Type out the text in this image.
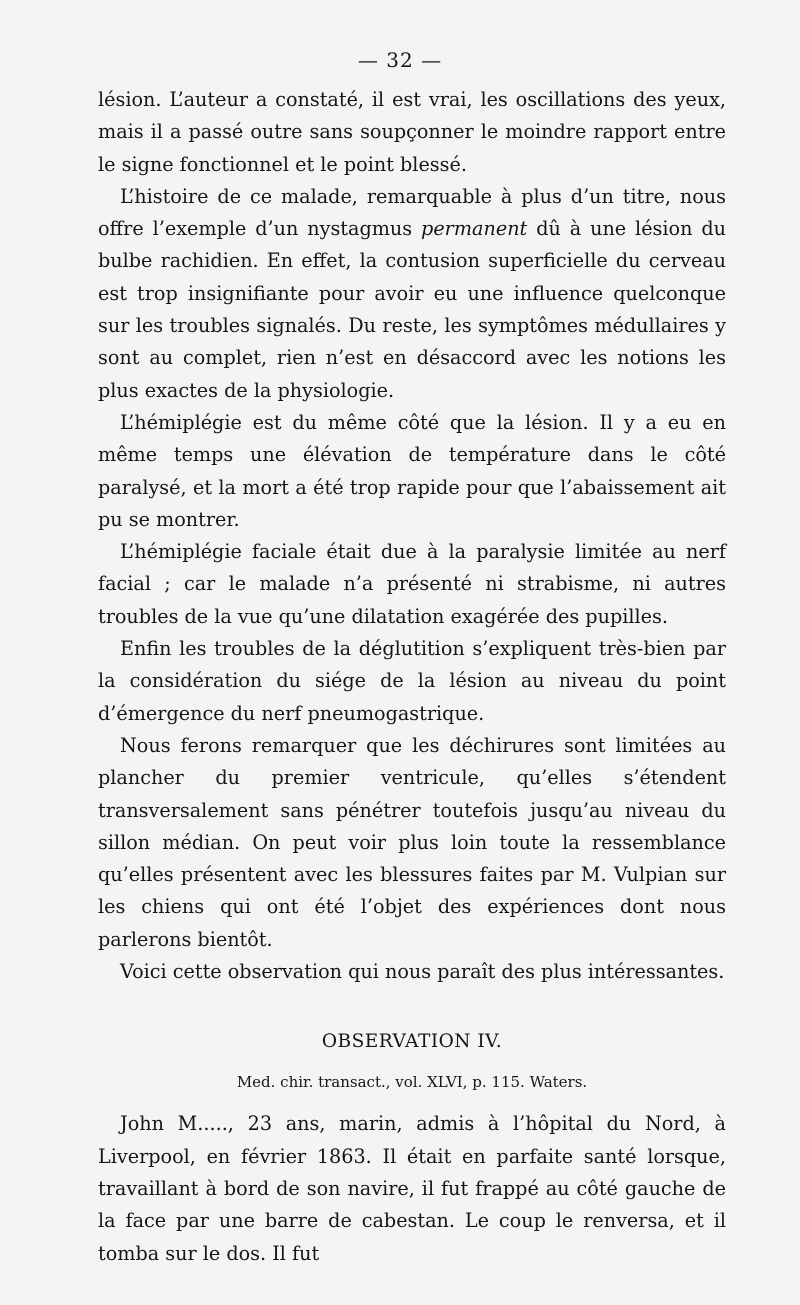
— 32 —

lésion. L’auteur a constaté, il est vrai, les oscillations des yeux, mais il a passé outre sans soupçonner le moindre rapport entre le signe fonctionnel et le point blessé.

L’histoire de ce malade, remarquable à plus d’un titre, nous offre l’exemple d’un nystagmus permanent dû à une lésion du bulbe rachidien. En effet, la contusion superficielle du cerveau est trop insignifiante pour avoir eu une influence quelconque sur les troubles signalés. Du reste, les symptômes médullaires y sont au complet, rien n’est en désaccord avec les notions les plus exactes de la physiologie.

L’hémiplégie est du même côté que la lésion. Il y a eu en même temps une élévation de température dans le côté paralysé, et la mort a été trop rapide pour que l’abaissement ait pu se montrer.

L’hémiplégie faciale était due à la paralysie limitée au nerf facial ; car le malade n’a présenté ni strabisme, ni autres troubles de la vue qu’une dilatation exagérée des pupilles.

Enfin les troubles de la déglutition s’expliquent très-bien par la considération du siége de la lésion au niveau du point d’émergence du nerf pneumogastrique.

Nous ferons remarquer que les déchirures sont limitées au plancher du premier ventricule, qu’elles s’étendent transversalement sans pénétrer toutefois jusqu’au niveau du sillon médian. On peut voir plus loin toute la ressemblance qu’elles présentent avec les blessures faites par M. Vulpian sur les chiens qui ont été l’objet des expériences dont nous parlerons bientôt.

Voici cette observation qui nous paraît des plus intéressantes.

OBSERVATION IV.
Med. chir. transact., vol. XLVI, p. 115. Waters.

John M....., 23 ans, marin, admis à l’hôpital du Nord, à Liverpool, en février 1863. Il était en parfaite santé lorsque, travaillant à bord de son navire, il fut frappé au côté gauche de la face par une barre de cabestan. Le coup le renversa, et il tomba sur le dos. Il fut
